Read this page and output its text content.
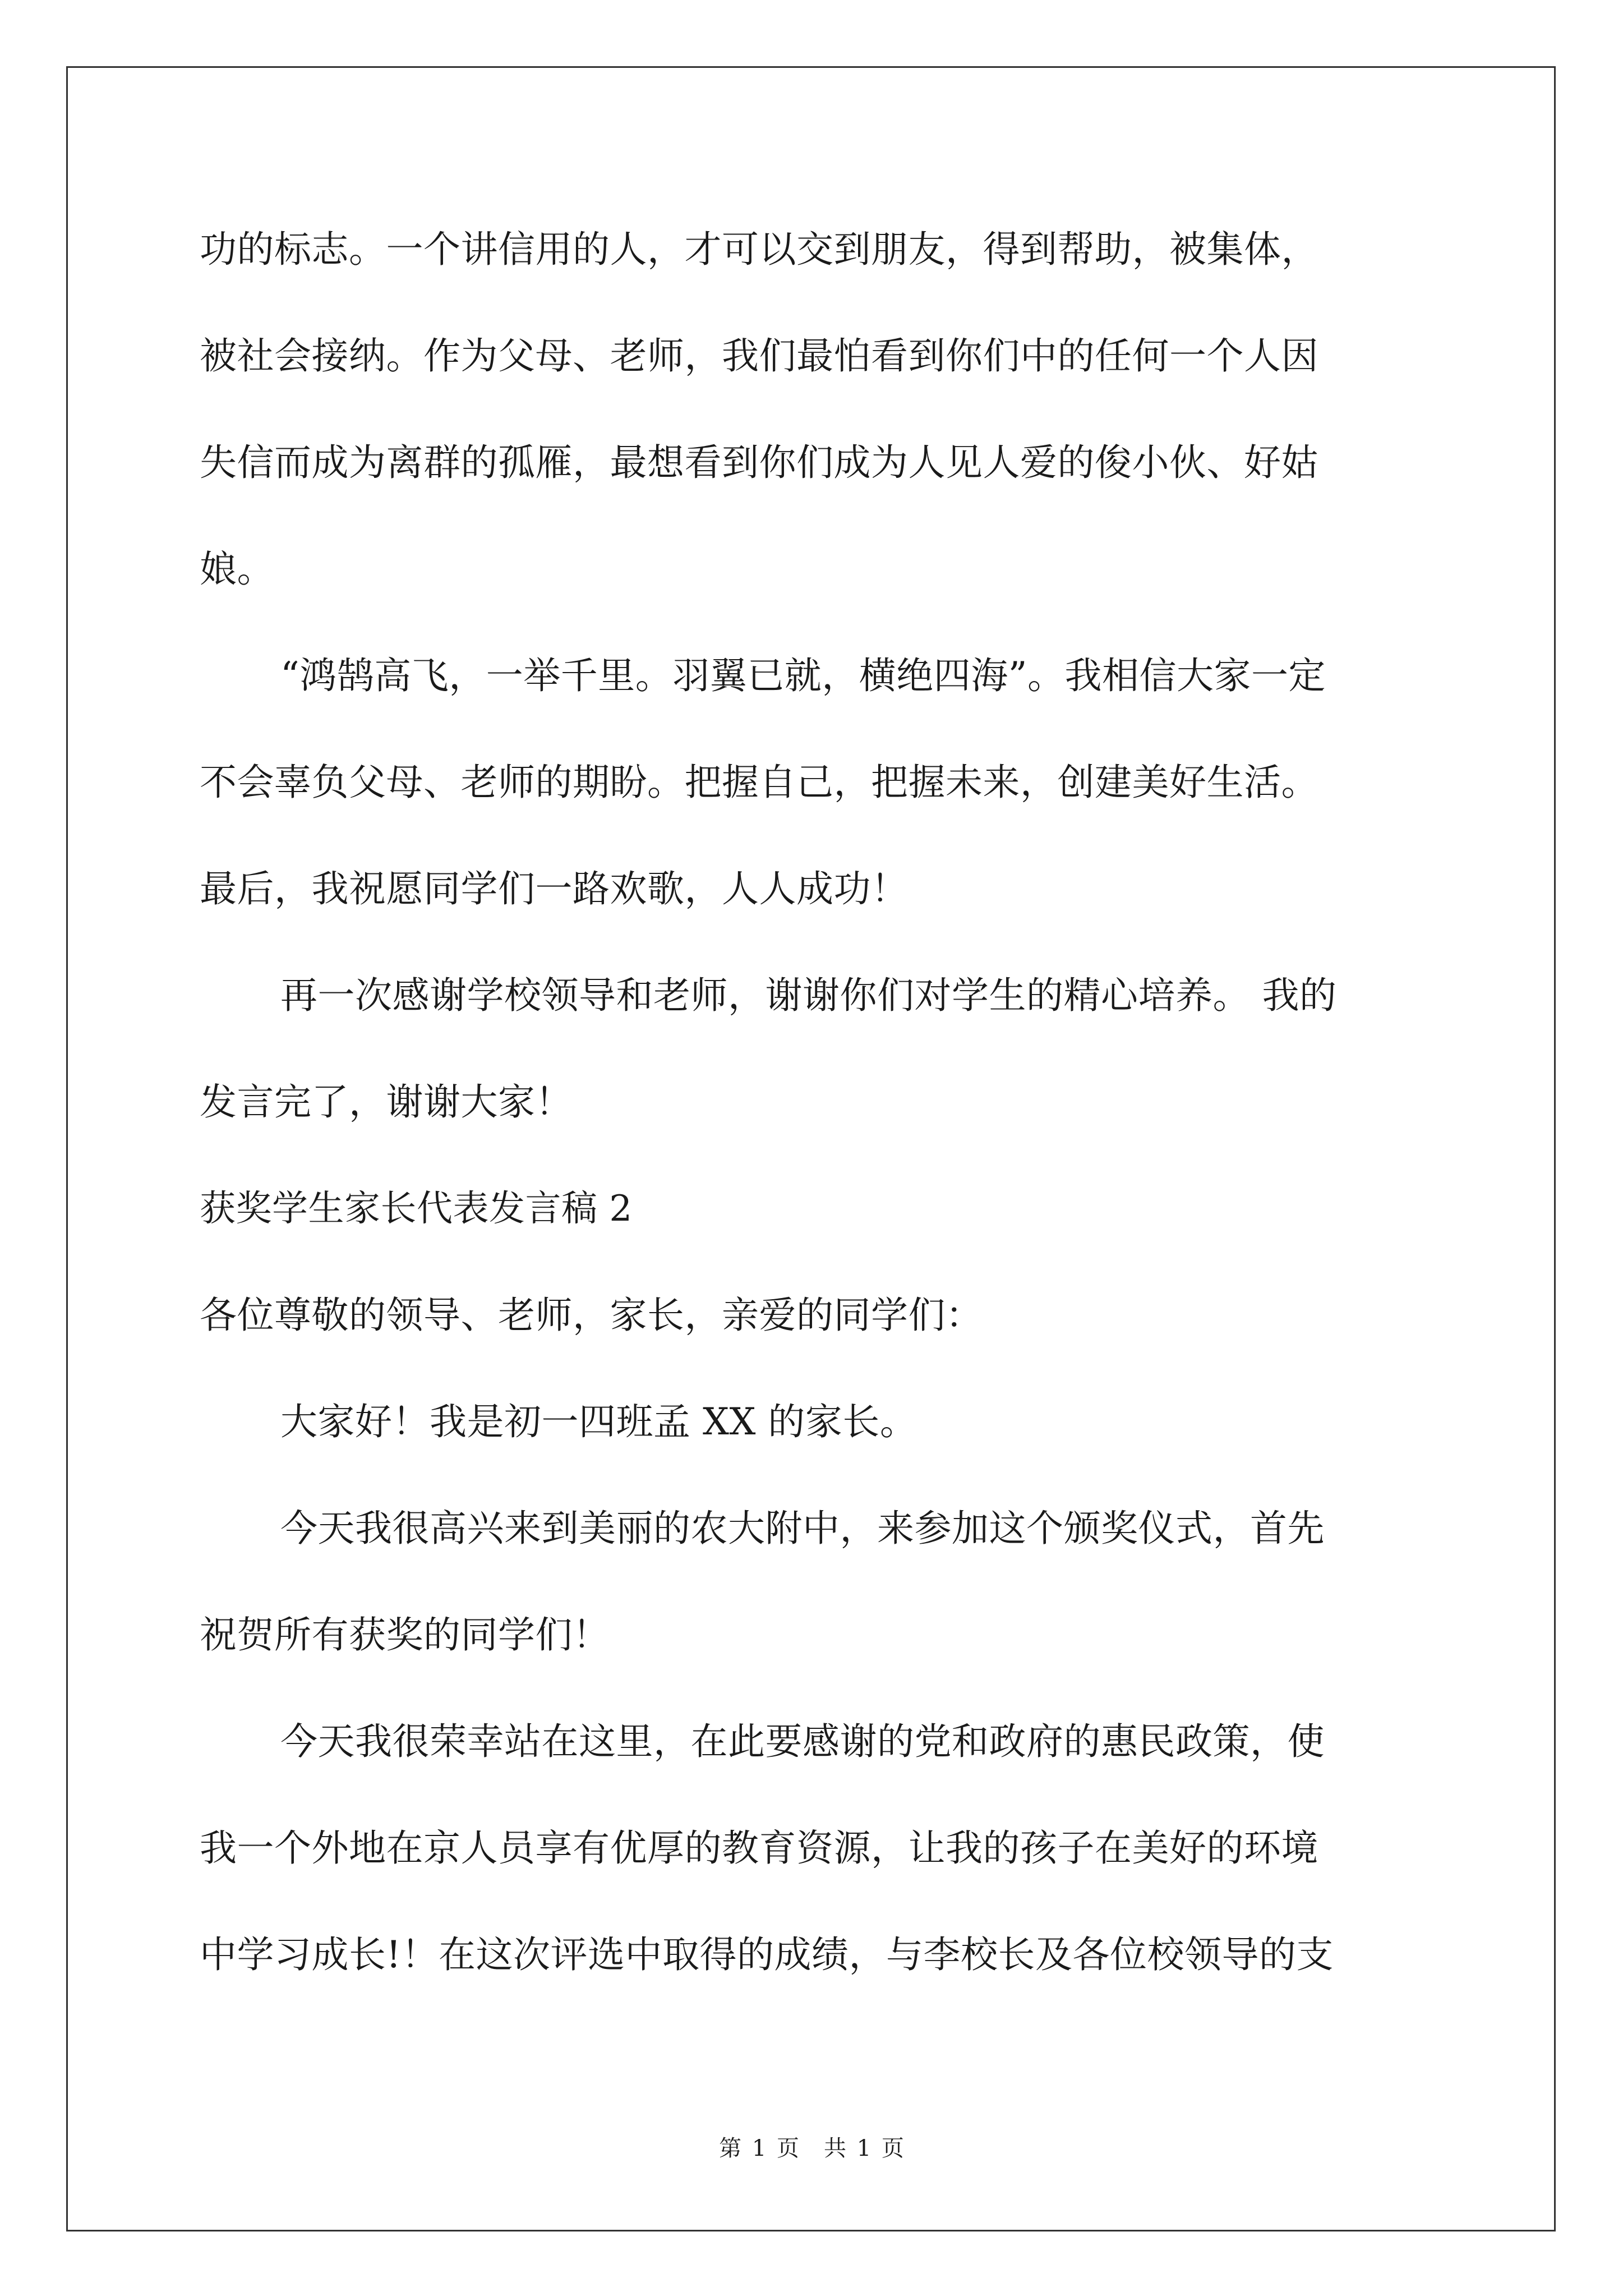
功的标志。一个讲信用的人，才可以交到朋友，得到帮助，被集体，

被社会接纳。作为父母、老师，我们最怕看到你们中的任何一个人因

失信而成为离群的孤雁，最想看到你们成为人见人爱的俊小伙、好姑

娘。

“鸿鹄高飞，一举千里。羽翼已就，横绝四海”。我相信大家一定

不会辜负父母、老师的期盼。把握自己，把握未来，创建美好生活。

最后，我祝愿同学们一路欢歌，人人成功！

再一次感谢学校领导和老师，谢谢你们对学生的精心培养。 我的

发言完了，谢谢大家！

获奖学生家长代表发言稿 2

各位尊敬的领导、老师，家长，亲爱的同学们：

大家好！我是初一四班孟 XX 的家长。

今天我很高兴来到美丽的农大附中，来参加这个颁奖仪式，首先

祝贺所有获奖的同学们！

今天我很荣幸站在这里，在此要感谢的党和政府的惠民政策，使

我一个外地在京人员享有优厚的教育资源，让我的孩子在美好的环境

中学习成长!！在这次评选中取得的成绩，与李校长及各位校领导的支

第 1 页 共 1 页
